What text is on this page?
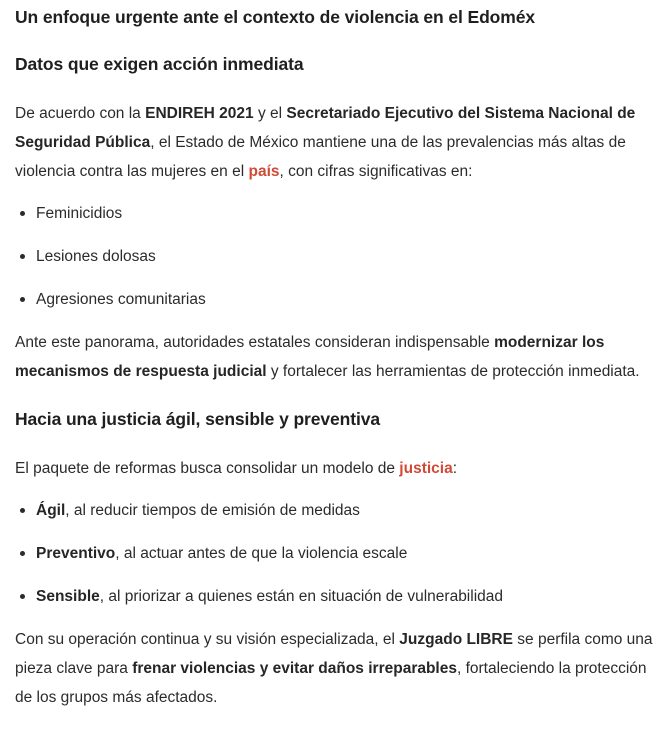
Un enfoque urgente ante el contexto de violencia en el Edoméx
Datos que exigen acción inmediata

De acuerdo con la ENDIREH 2021 y el Secretariado Ejecutivo del Sistema Nacional de Seguridad Pública, el Estado de México mantiene una de las prevalencias más altas de violencia contra las mujeres en el país, con cifras significativas en:

Feminicidios
Lesiones dolosas
Agresiones comunitarias

Ante este panorama, autoridades estatales consideran indispensable modernizar los mecanismos de respuesta judicial y fortalecer las herramientas de protección inmediata.

Hacia una justicia ágil, sensible y preventiva

El paquete de reformas busca consolidar un modelo de justicia:

Ágil, al reducir tiempos de emisión de medidas
Preventivo, al actuar antes de que la violencia escale
Sensible, al priorizar a quienes están en situación de vulnerabilidad

Con su operación continua y su visión especializada, el Juzgado LIBRE se perfila como una pieza clave para frenar violencias y evitar daños irreparables, fortaleciendo la protección de los grupos más afectados.
